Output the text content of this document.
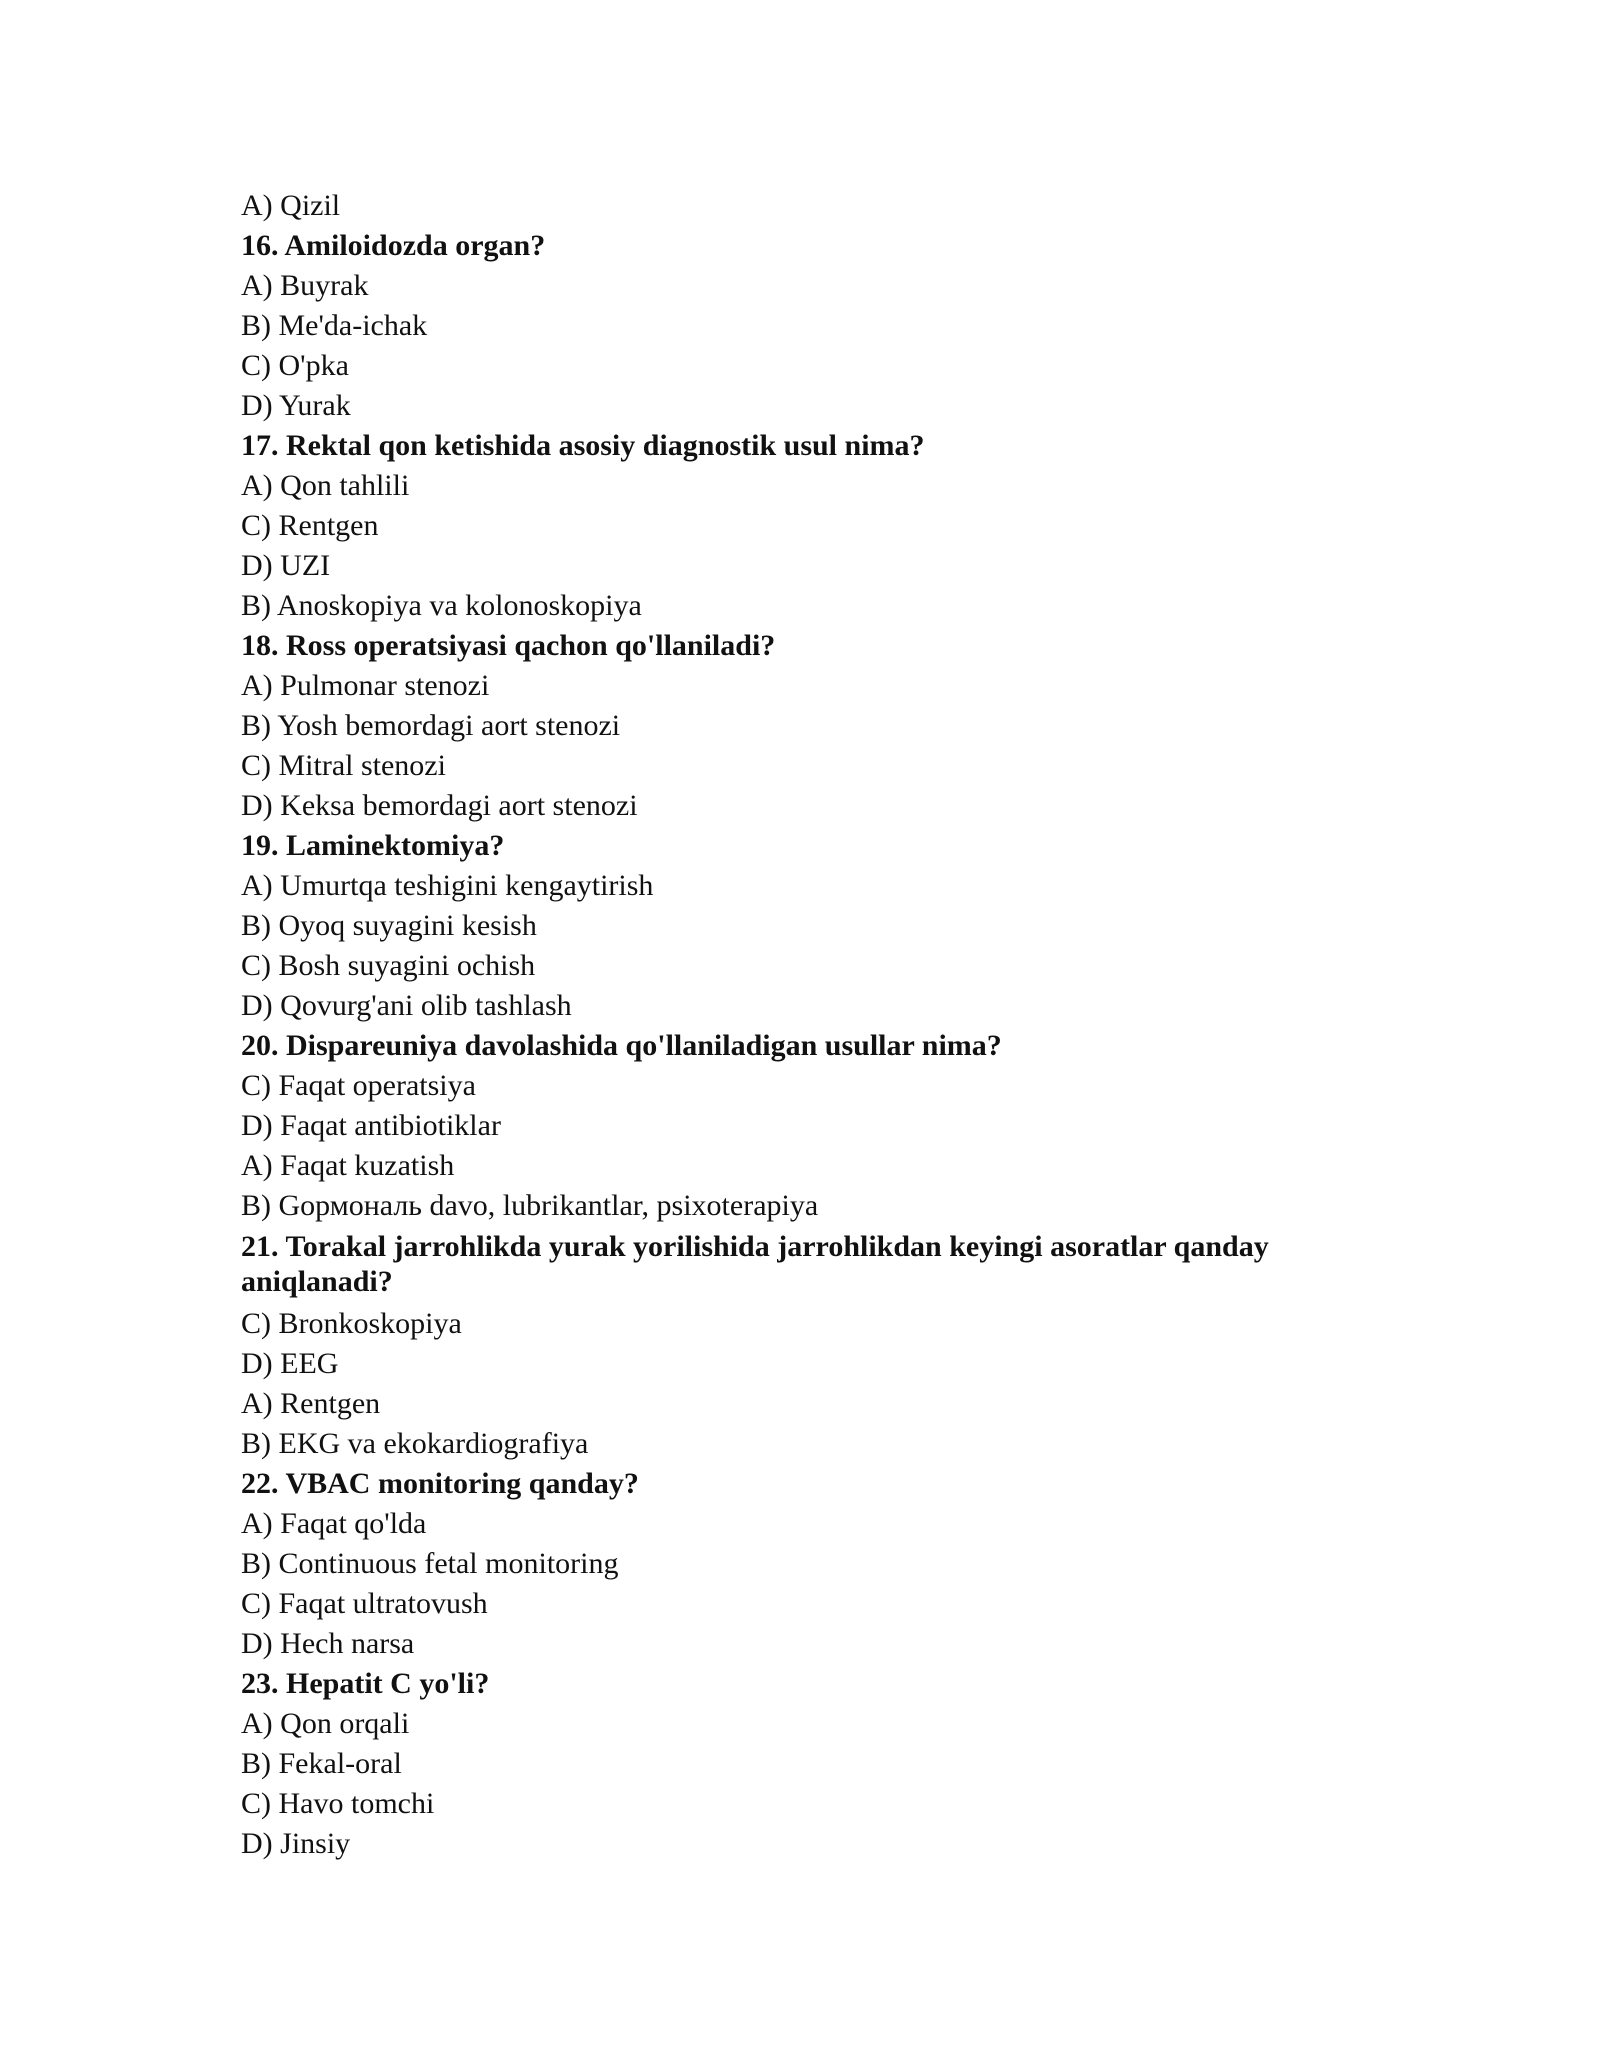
A) Qizil
16. Amiloidozda organ?
A) Buyrak
B) Me'da-ichak
C) O'pka
D) Yurak
17. Rektal qon ketishida asosiy diagnostik usul nima?
A) Qon tahlili
C) Rentgen
D) UZI
B) Anoskopiya va kolonoskopiya
18. Ross operatsiyasi qachon qo'llaniladi?
A) Pulmonar stenozi
B) Yosh bemordagi aort stenozi
C) Mitral stenozi
D) Keksa bemordagi aort stenozi
19. Laminektomiya?
A) Umurtqa teshigini kengaytirish
B) Oyoq suyagini kesish
C) Bosh suyagini ochish
D) Qovurg'ani olib tashlash
20. Dispareuniya davolashida qo'llaniladigan usullar nima?
C) Faqat operatsiya
D) Faqat antibiotiklar
A) Faqat kuzatish
B) Gормональ davo, lubrikantlar, psixoterapiya
21. Torakal jarrohlikda yurak yorilishida jarrohlikdan keyingi asoratlar qanday aniqlanadi?
C) Bronkoskopiya
D) EEG
A) Rentgen
B) EKG va ekokardiografiya
22. VBAC monitoring qanday?
A) Faqat qo'lda
B) Continuous fetal monitoring
C) Faqat ultratovush
D) Hech narsa
23. Hepatit C yo'li?
A) Qon orqali
B) Fekal-oral
C) Havo tomchi
D) Jinsiy
